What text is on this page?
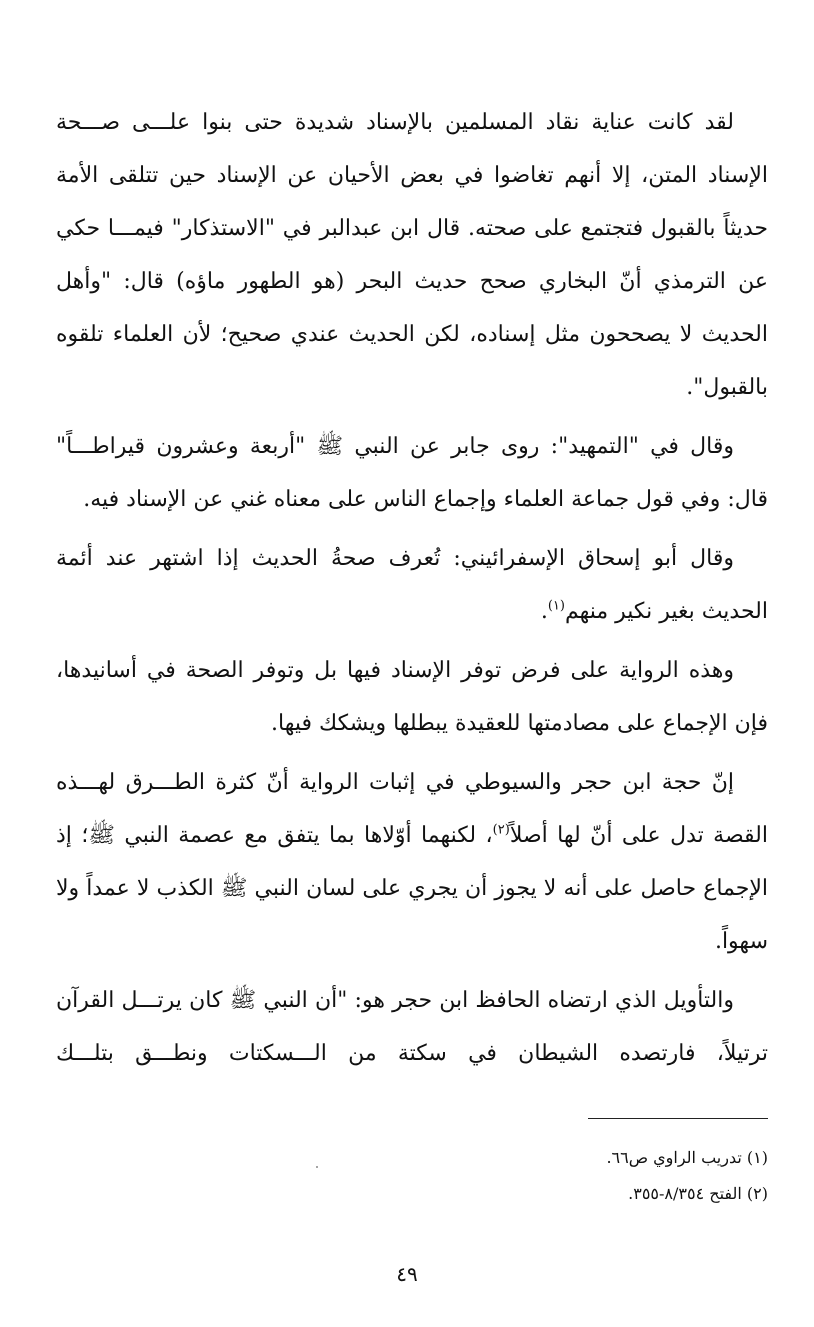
لقد كانت عناية نقاد المسلمين بالإسناد شديدة حتى بنوا علـــى صـــحة الإسناد المتن، إلا أنهم تغاضوا في بعض الأحيان عن الإسناد حين تتلقى الأمة حديثاً بالقبول فتجتمع على صحته. قال ابن عبدالبر في "الاستذكار" فيمـــا حكي عن الترمذي أنّ البخاري صحح حديث البحر (هو الطهور ماؤه) قال: "وأهل الحديث لا يصححون مثل إسناده، لكن الحديث عندي صحيح؛ لأن العلماء تلقوه بالقبول".

وقال في "التمهيد": روى جابر عن النبي ﷺ "أربعة وعشرون قيراطـــاً" قال: وفي قول جماعة العلماء وإجماع الناس على معناه غني عن الإسناد فيه.

وقال أبو إسحاق الإسفرائيني: تُعرف صحةُ الحديث إذا اشتهر عند أئمة الحديث بغير نكير منهم$^{(١)}$.

وهذه الرواية على فرض توفر الإسناد فيها بل وتوفر الصحة في أسانيدها، فإن الإجماع على مصادمتها للعقيدة يبطلها ويشكك فيها.

إنّ حجة ابن حجر والسيوطي في إثبات الرواية أنّ كثرة الطـــرق لهـــذه القصة تدل على أنّ لها أصلاً$^{(٢)}$، لكنهما أوّلاها بما يتفق مع عصمة النبي ﷺ؛ إذ الإجماع حاصل على أنه لا يجوز أن يجري على لسان النبي ﷺ الكذب لا عمداً ولا سهواً.

والتأويل الذي ارتضاه الحافظ ابن حجر هو: "أن النبي ﷺ كان يرتـــل القرآن ترتيلاً، فارتصده الشيطان في سكتة من الـــسكتات ونطـــق بتلـــك

(١) تدريب الراوي ص٦٦.

(٢) الفتح ٨/٣٥٤-٣٥٥.

٤٩
